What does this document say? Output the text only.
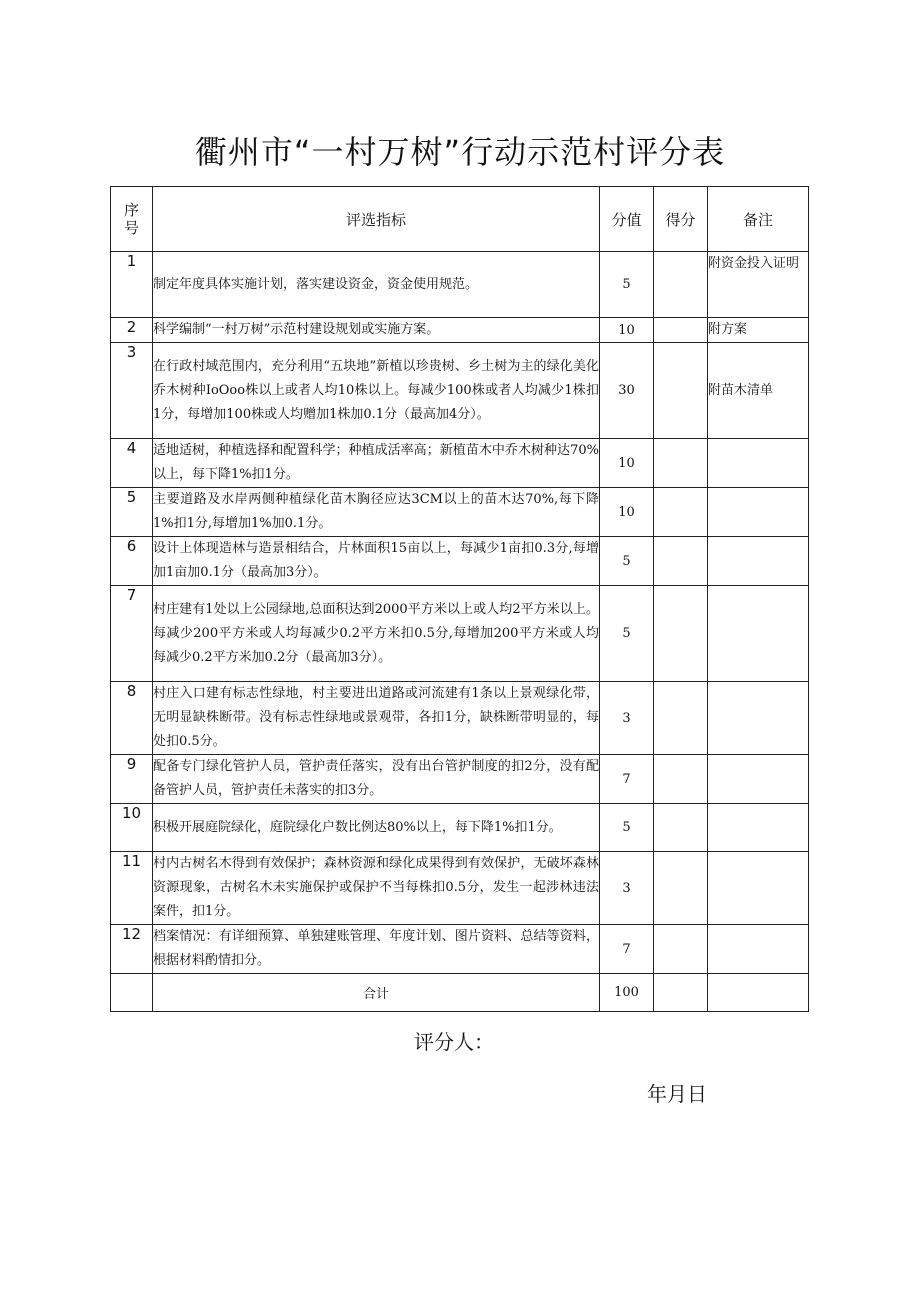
衢州市“一村万树”行动示范村评分表
序号	评选指标	分值	得分	备注
1	制定年度具体实施计划，落实建设资金，资金使用规范。	5		附资金投入证明
2	科学编制“一村万树”示范村建设规划或实施方案。	10		附方案
3	在行政村域范围内，充分利用“五块地”新植以珍贵树、乡土树为主的绿化美化乔木树种IoOoo株以上或者人均10株以上。每减少100株或者人均减少1株扣1分，每增加100株或人均赠加1株加0.1分（最高加4分）。	30		附苗木清单
4	适地适树，种植选择和配置科学；种植成活率高；新植苗木中乔木树种达70%以上，每下降1%扣1分。	10		
5	主要道路及水岸两侧种植绿化苗木胸径应达3CM以上的苗木达70%,每下降1%扣1分,每增加1%加0.1分。	10		
6	设计上体现造林与造景相结合，片林面积15亩以上，每减少1亩扣0.3分,每增加1亩加0.1分（最高加3分）。	5		
7	村庄建有1处以上公园绿地,总面积达到2000平方米以上或人均2平方米以上。每减少200平方米或人均每减少0.2平方米扣0.5分,每增加200平方米或人均每减少0.2平方米加0.2分（最高加3分）。	5		
8	村庄入口建有标志性绿地，村主要进出道路或河流建有1条以上景观绿化带，无明显缺株断带。没有标志性绿地或景观带，各扣1分，缺株断带明显的，每处扣0.5分。	3		
9	配备专门绿化管护人员，管护责任落实，没有出台管护制度的扣2分，没有配备管护人员，管护责任未落实的扣3分。	7		
10	积极开展庭院绿化，庭院绿化户数比例达80%以上，每下降1%扣1分。	5		
11	村内古树名木得到有效保护；森林资源和绿化成果得到有效保护，无破坏森林资源现象，古树名木未实施保护或保护不当每株扣0.5分，发生一起涉林违法案件，扣1分。	3		
12	档案情况：有详细预算、单独建账管理、年度计划、图片资料、总结等资料，根据材料酌情扣分。	7		
	合计	100		

评分人：

年月日
